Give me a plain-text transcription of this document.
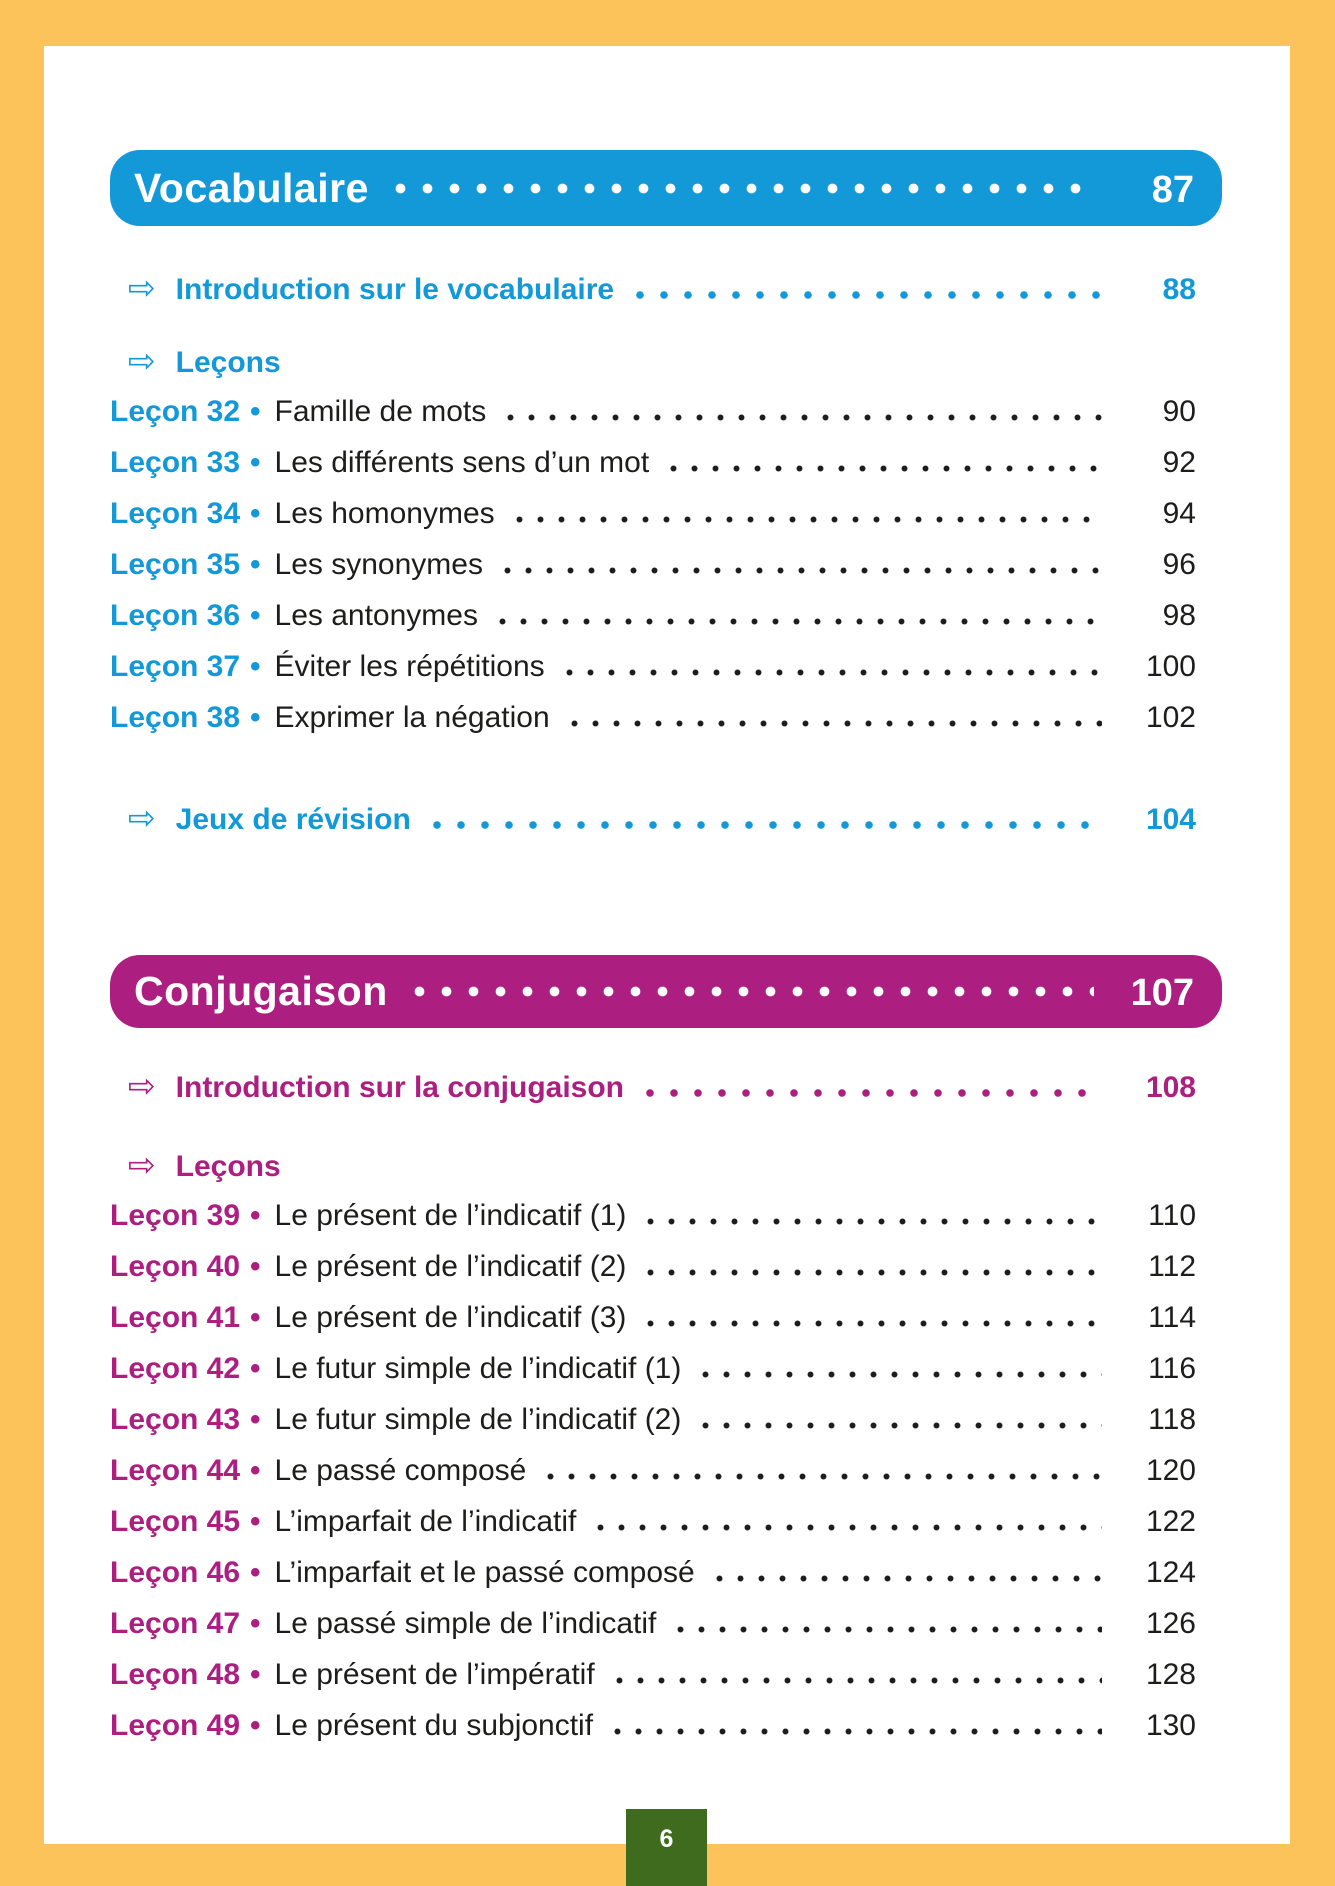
Vocabulaire	87
⇨ Introduction sur le vocabulaire	88
⇨ Leçons
Leçon 32 • Famille de mots	90
Leçon 33 • Les différents sens d’un mot	92
Leçon 34 • Les homonymes	94
Leçon 35 • Les synonymes	96
Leçon 36 • Les antonymes	98
Leçon 37 • Éviter les répétitions	100
Leçon 38 • Exprimer la négation	102
⇨ Jeux de révision	104
Conjugaison	107
⇨ Introduction sur la conjugaison	108
⇨ Leçons
Leçon 39 • Le présent de l’indicatif (1)	110
Leçon 40 • Le présent de l’indicatif (2)	112
Leçon 41 • Le présent de l’indicatif (3)	114
Leçon 42 • Le futur simple de l’indicatif (1)	116
Leçon 43 • Le futur simple de l’indicatif (2)	118
Leçon 44 • Le passé composé	120
Leçon 45 • L’imparfait de l’indicatif	122
Leçon 46 • L’imparfait et le passé composé	124
Leçon 47 • Le passé simple de l’indicatif	126
Leçon 48 • Le présent de l’impératif	128
Leçon 49 • Le présent du subjonctif	130
6
